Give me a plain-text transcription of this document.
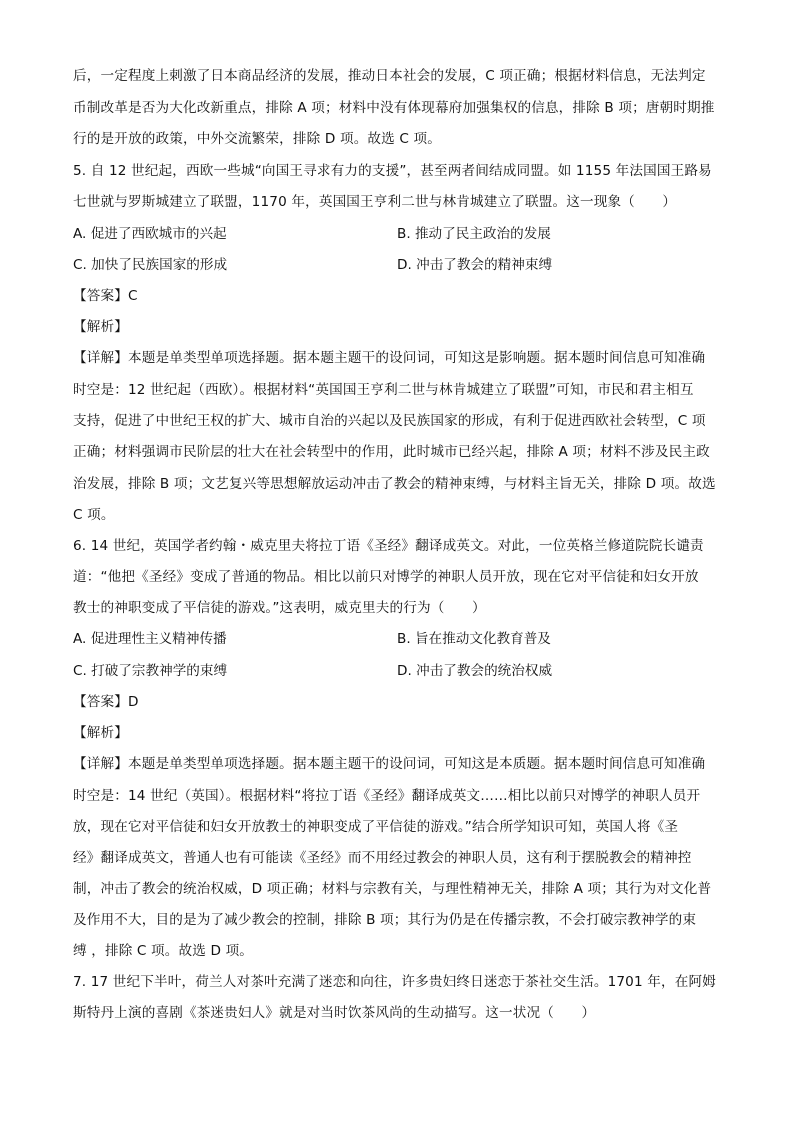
后，一定程度上刺激了日本商品经济的发展，推动日本社会的发展，C 项正确；根据材料信息，无法判定
币制改革是否为大化改新重点，排除 A 项；材料中没有体现幕府加强集权的信息，排除 B 项；唐朝时期推
行的是开放的政策，中外交流繁荣，排除 D 项。故选 C 项。
5. 自 12 世纪起，西欧一些城“向国王寻求有力的支援”，甚至两者间结成同盟。如 1155 年法国国王路易
七世就与罗斯城建立了联盟，1170 年，英国国王亨利二世与林肯城建立了联盟。这一现象（　　）
A. 促进了西欧城市的兴起	B. 推动了民主政治的发展
C. 加快了民族国家的形成	D. 冲击了教会的精神束缚
【答案】C
【解析】
【详解】本题是单类型单项选择题。据本题主题干的设问词，可知这是影响题。据本题时间信息可知准确
时空是：12 世纪起（西欧）。根据材料“英国国王亨利二世与林肯城建立了联盟”可知，市民和君主相互
支持，促进了中世纪王权的扩大、城市自治的兴起以及民族国家的形成，有利于促进西欧社会转型，C 项
正确；材料强调市民阶层的壮大在社会转型中的作用，此时城市已经兴起，排除 A 项；材料不涉及民主政
治发展，排除 B 项；文艺复兴等思想解放运动冲击了教会的精神束缚，与材料主旨无关，排除 D 项。故选
C 项。
6. 14 世纪，英国学者约翰・威克里夫将拉丁语《圣经》翻译成英文。对此，一位英格兰修道院院长谴责
道：“他把《圣经》变成了普通的物品。相比以前只对博学的神职人员开放，现在它对平信徒和妇女开放
教士的神职变成了平信徒的游戏。”这表明，威克里夫的行为（　　）
A. 促进理性主义精神传播	B. 旨在推动文化教育普及
C. 打破了宗教神学的束缚	D. 冲击了教会的统治权威
【答案】D
【解析】
【详解】本题是单类型单项选择题。据本题主题干的设问词，可知这是本质题。据本题时间信息可知准确
时空是：14 世纪（英国）。根据材料“将拉丁语《圣经》翻译成英文……相比以前只对博学的神职人员开
放，现在它对平信徒和妇女开放教士的神职变成了平信徒的游戏。”结合所学知识可知，英国人将《圣
经》翻译成英文，普通人也有可能读《圣经》而不用经过教会的神职人员，这有利于摆脱教会的精神控
制，冲击了教会的统治权威，D 项正确；材料与宗教有关，与理性精神无关，排除 A 项；其行为对文化普
及作用不大，目的是为了减少教会的控制，排除 B 项；其行为仍是在传播宗教，不会打破宗教神学的束
缚 ，排除 C 项。故选 D 项。
7. 17 世纪下半叶，荷兰人对茶叶充满了迷恋和向往，许多贵妇终日迷恋于茶社交生活。1701 年，在阿姆
斯特丹上演的喜剧《茶迷贵妇人》就是对当时饮茶风尚的生动描写。这一状况（　　）
